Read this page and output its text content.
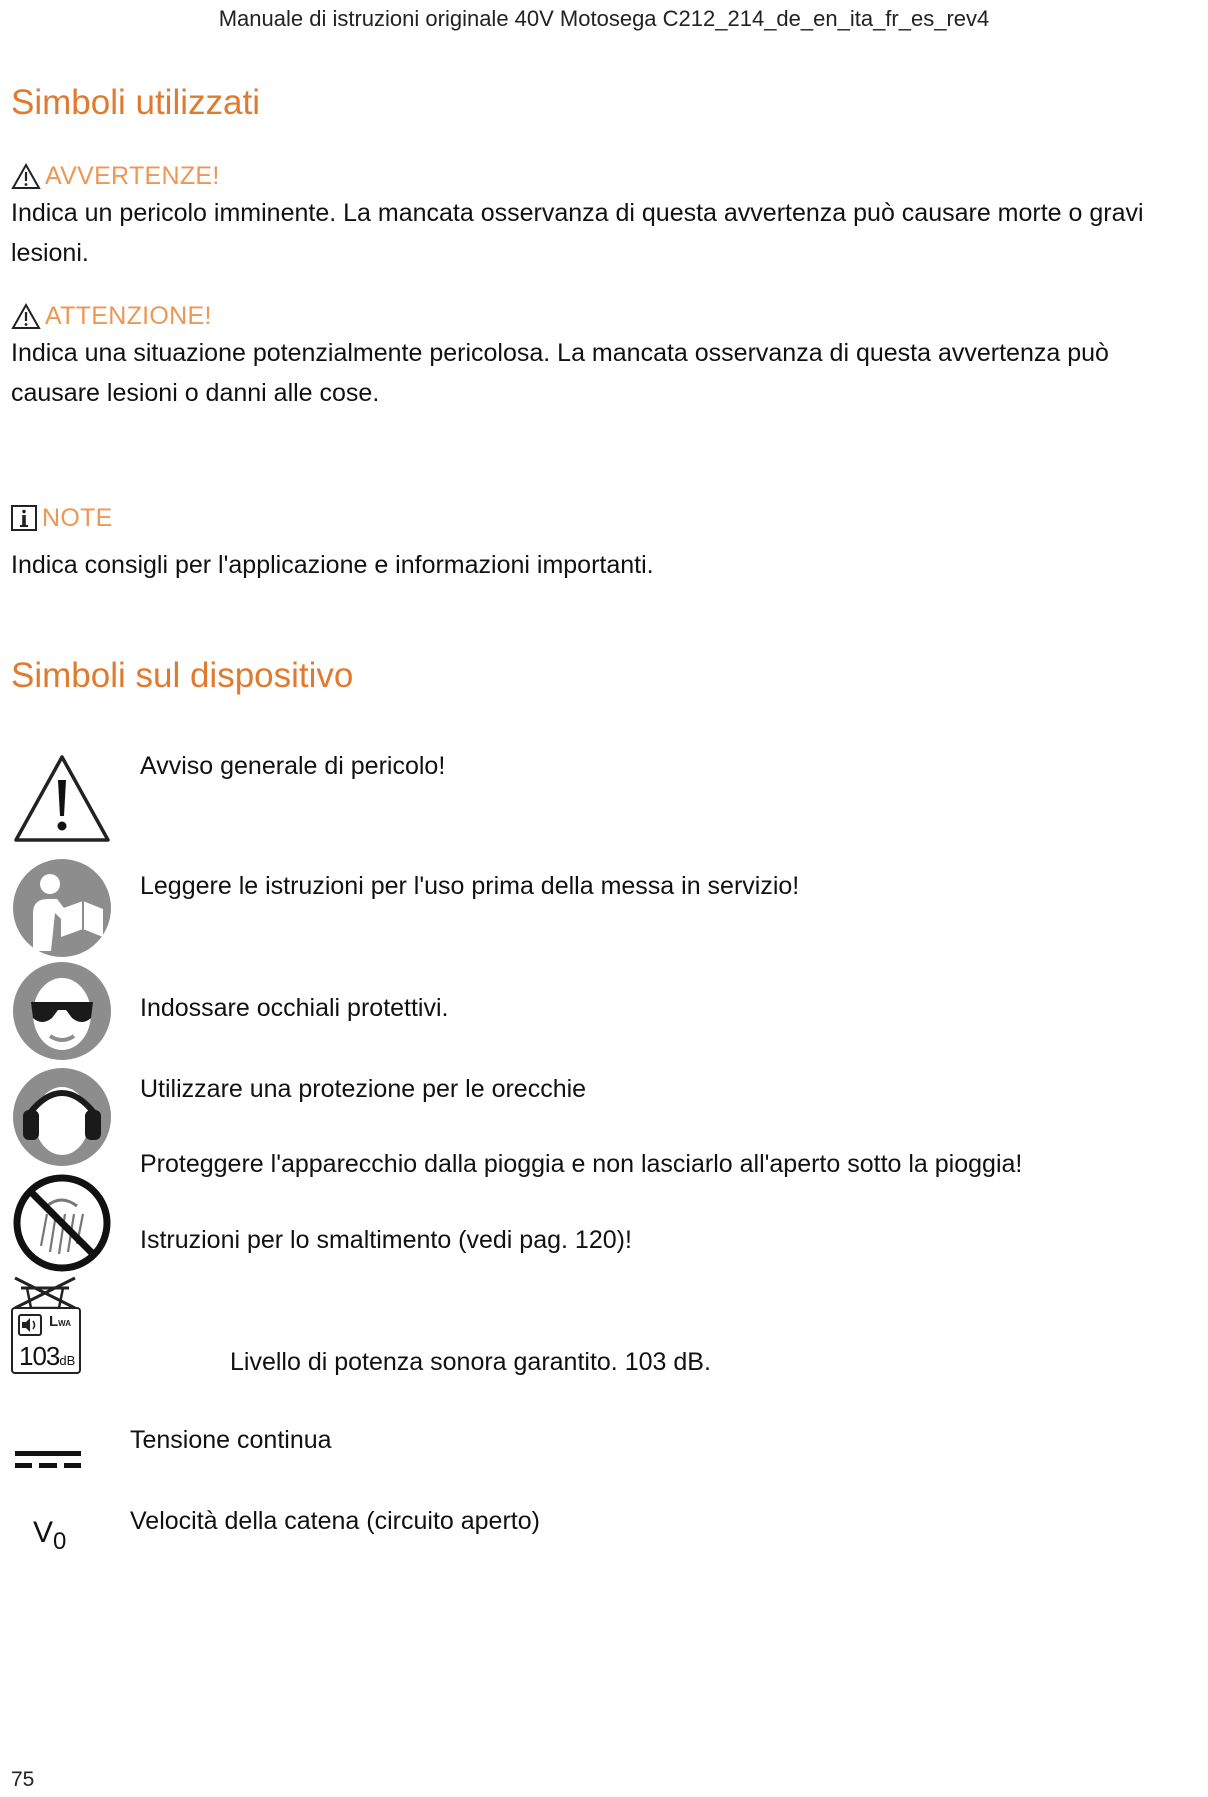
Manuale di istruzioni originale 40V Motosega C212_214_de_en_ita_fr_es_rev4
Simboli utilizzati
AVVERTENZE!
Indica un pericolo imminente. La mancata osservanza di questa avvertenza può causare morte o gravi lesioni.
ATTENZIONE!
Indica una situazione potenzialmente pericolosa. La mancata osservanza di questa avvertenza può causare lesioni o danni alle cose.
NOTE
Indica consigli per l'applicazione e informazioni importanti.
Simboli sul dispositivo
LWA
103dB
V0
Avviso generale di pericolo!
Leggere le istruzioni per l'uso prima della messa in servizio!
Indossare occhiali protettivi.
Utilizzare una protezione per le orecchie
Proteggere l'apparecchio dalla pioggia e non lasciarlo all'aperto sotto la pioggia!
Istruzioni per lo smaltimento (vedi pag. 120)!
Livello di potenza sonora garantito. 103 dB.
Tensione continua
Velocità della catena (circuito aperto)
75
